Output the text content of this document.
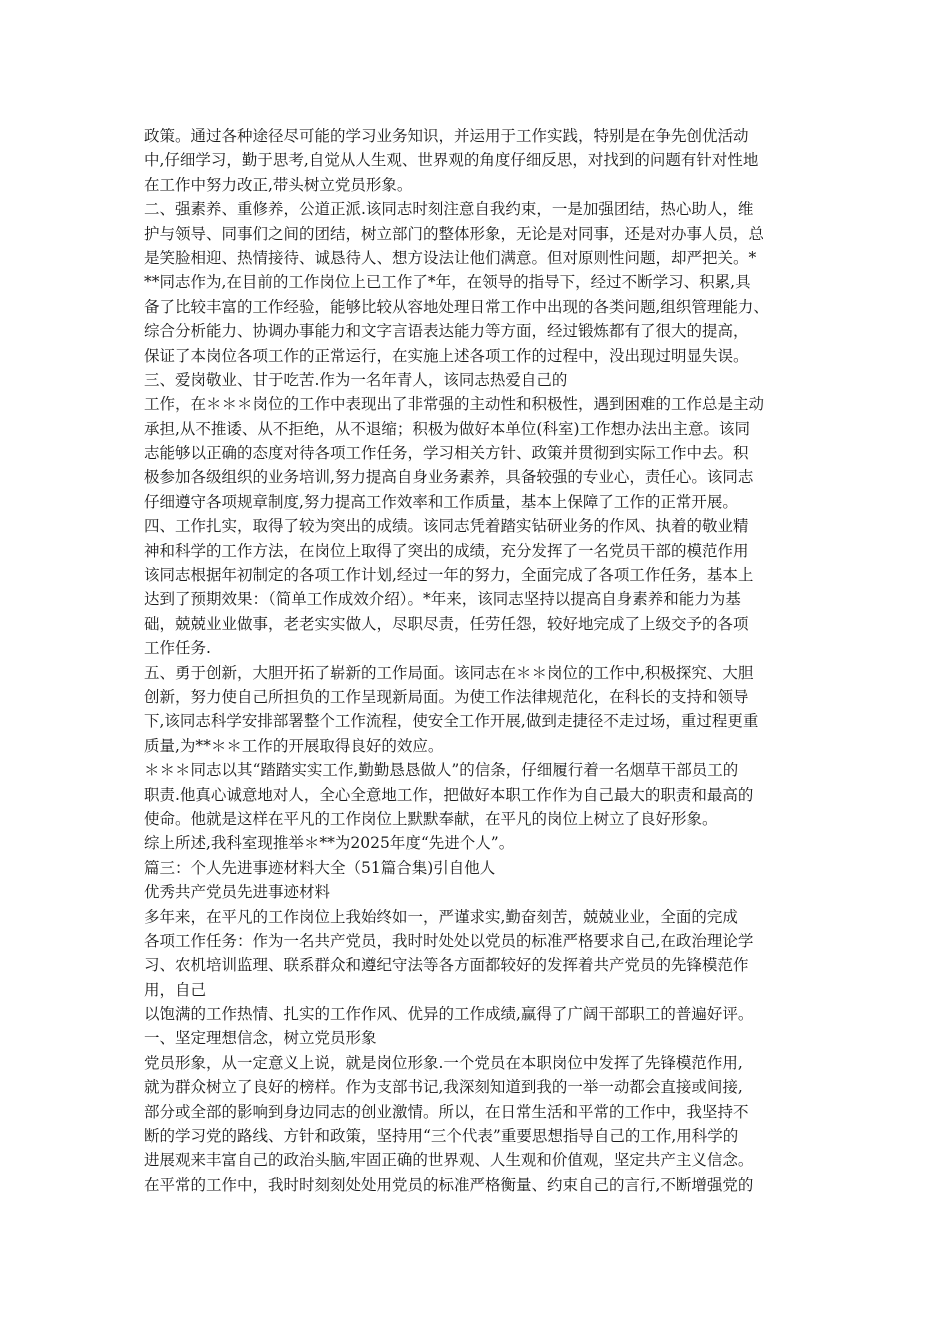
政策。通过各种途径尽可能的学习业务知识，并运用于工作实践，特别是在争先创优活动
中,仔细学习，勤于思考,自觉从人生观、世界观的角度仔细反思，对找到的问题有针对性地
在工作中努力改正,带头树立党员形象。
二、强素养、重修养，公道正派.该同志时刻注意自我约束，一是加强团结，热心助人，维
护与领导、同事们之间的团结，树立部门的整体形象，无论是对同事，还是对办事人员，总
是笑脸相迎、热情接待、诚恳待人、想方设法让他们满意。但对原则性问题，却严把关。*
**同志作为,在目前的工作岗位上已工作了*年，在领导的指导下，经过不断学习、积累,具
备了比较丰富的工作经验，能够比较从容地处理日常工作中出现的各类问题,组织管理能力、
综合分析能力、协调办事能力和文字言语表达能力等方面，经过锻炼都有了很大的提高，
保证了本岗位各项工作的正常运行，在实施上述各项工作的过程中，没出现过明显失误。
三、爱岗敬业、甘于吃苦.作为一名年青人，该同志热爱自己的
工作，在＊＊＊岗位的工作中表现出了非常强的主动性和积极性，遇到困难的工作总是主动
承担,从不推诿、从不拒绝，从不退缩；积极为做好本单位(科室)工作想办法出主意。该同
志能够以正确的态度对待各项工作任务，学习相关方针、政策并贯彻到实际工作中去。积
极参加各级组织的业务培训,努力提高自身业务素养，具备较强的专业心，责任心。该同志
仔细遵守各项规章制度,努力提高工作效率和工作质量，基本上保障了工作的正常开展。
四、工作扎实，取得了较为突出的成绩。该同志凭着踏实钻研业务的作风、执着的敬业精
神和科学的工作方法，在岗位上取得了突出的成绩，充分发挥了一名党员干部的模范作用
该同志根据年初制定的各项工作计划,经过一年的努力，全面完成了各项工作任务，基本上
达到了预期效果：（简单工作成效介绍）。*年来，该同志坚持以提高自身素养和能力为基
础，兢兢业业做事，老老实实做人，尽职尽责，任劳任怨，较好地完成了上级交予的各项
工作任务.
五、勇于创新，大胆开拓了崭新的工作局面。该同志在＊＊岗位的工作中,积极探究、大胆
创新，努力使自己所担负的工作呈现新局面。为使工作法律规范化，在科长的支持和领导
下,该同志科学安排部署整个工作流程，使安全工作开展,做到走捷径不走过场，重过程更重
质量,为**＊＊工作的开展取得良好的效应。
＊＊＊同志以其“踏踏实实工作,勤勤恳恳做人”的信条，仔细履行着一名烟草干部员工的
职责.他真心诚意地对人，全心全意地工作，把做好本职工作作为自己最大的职责和最高的
使命。他就是这样在平凡的工作岗位上默默奉献，在平凡的岗位上树立了良好形象。
综上所述,我科室现推举＊**为2025年度“先进个人”。
篇三：个人先进事迹材料大全（51篇合集)引自他人
优秀共产党员先进事迹材料
多年来，在平凡的工作岗位上我始终如一，严谨求实,勤奋刻苦，兢兢业业，全面的完成
各项工作任务：作为一名共产党员，我时时处处以党员的标准严格要求自己,在政治理论学
习、农机培训监理、联系群众和遵纪守法等各方面都较好的发挥着共产党员的先锋模范作
用，自己
以饱满的工作热情、扎实的工作作风、优异的工作成绩,赢得了广阔干部职工的普遍好评。
一、坚定理想信念，树立党员形象
党员形象，从一定意义上说，就是岗位形象.一个党员在本职岗位中发挥了先锋模范作用,
就为群众树立了良好的榜样。作为支部书记,我深刻知道到我的一举一动都会直接或间接,
部分或全部的影响到身边同志的创业激情。所以，在日常生活和平常的工作中，我坚持不
断的学习党的路线、方针和政策，坚持用“三个代表”重要思想指导自己的工作,用科学的
进展观来丰富自己的政治头脑,牢固正确的世界观、人生观和价值观，坚定共产主义信念。
在平常的工作中，我时时刻刻处处用党员的标准严格衡量、约束自己的言行,不断增强党的
